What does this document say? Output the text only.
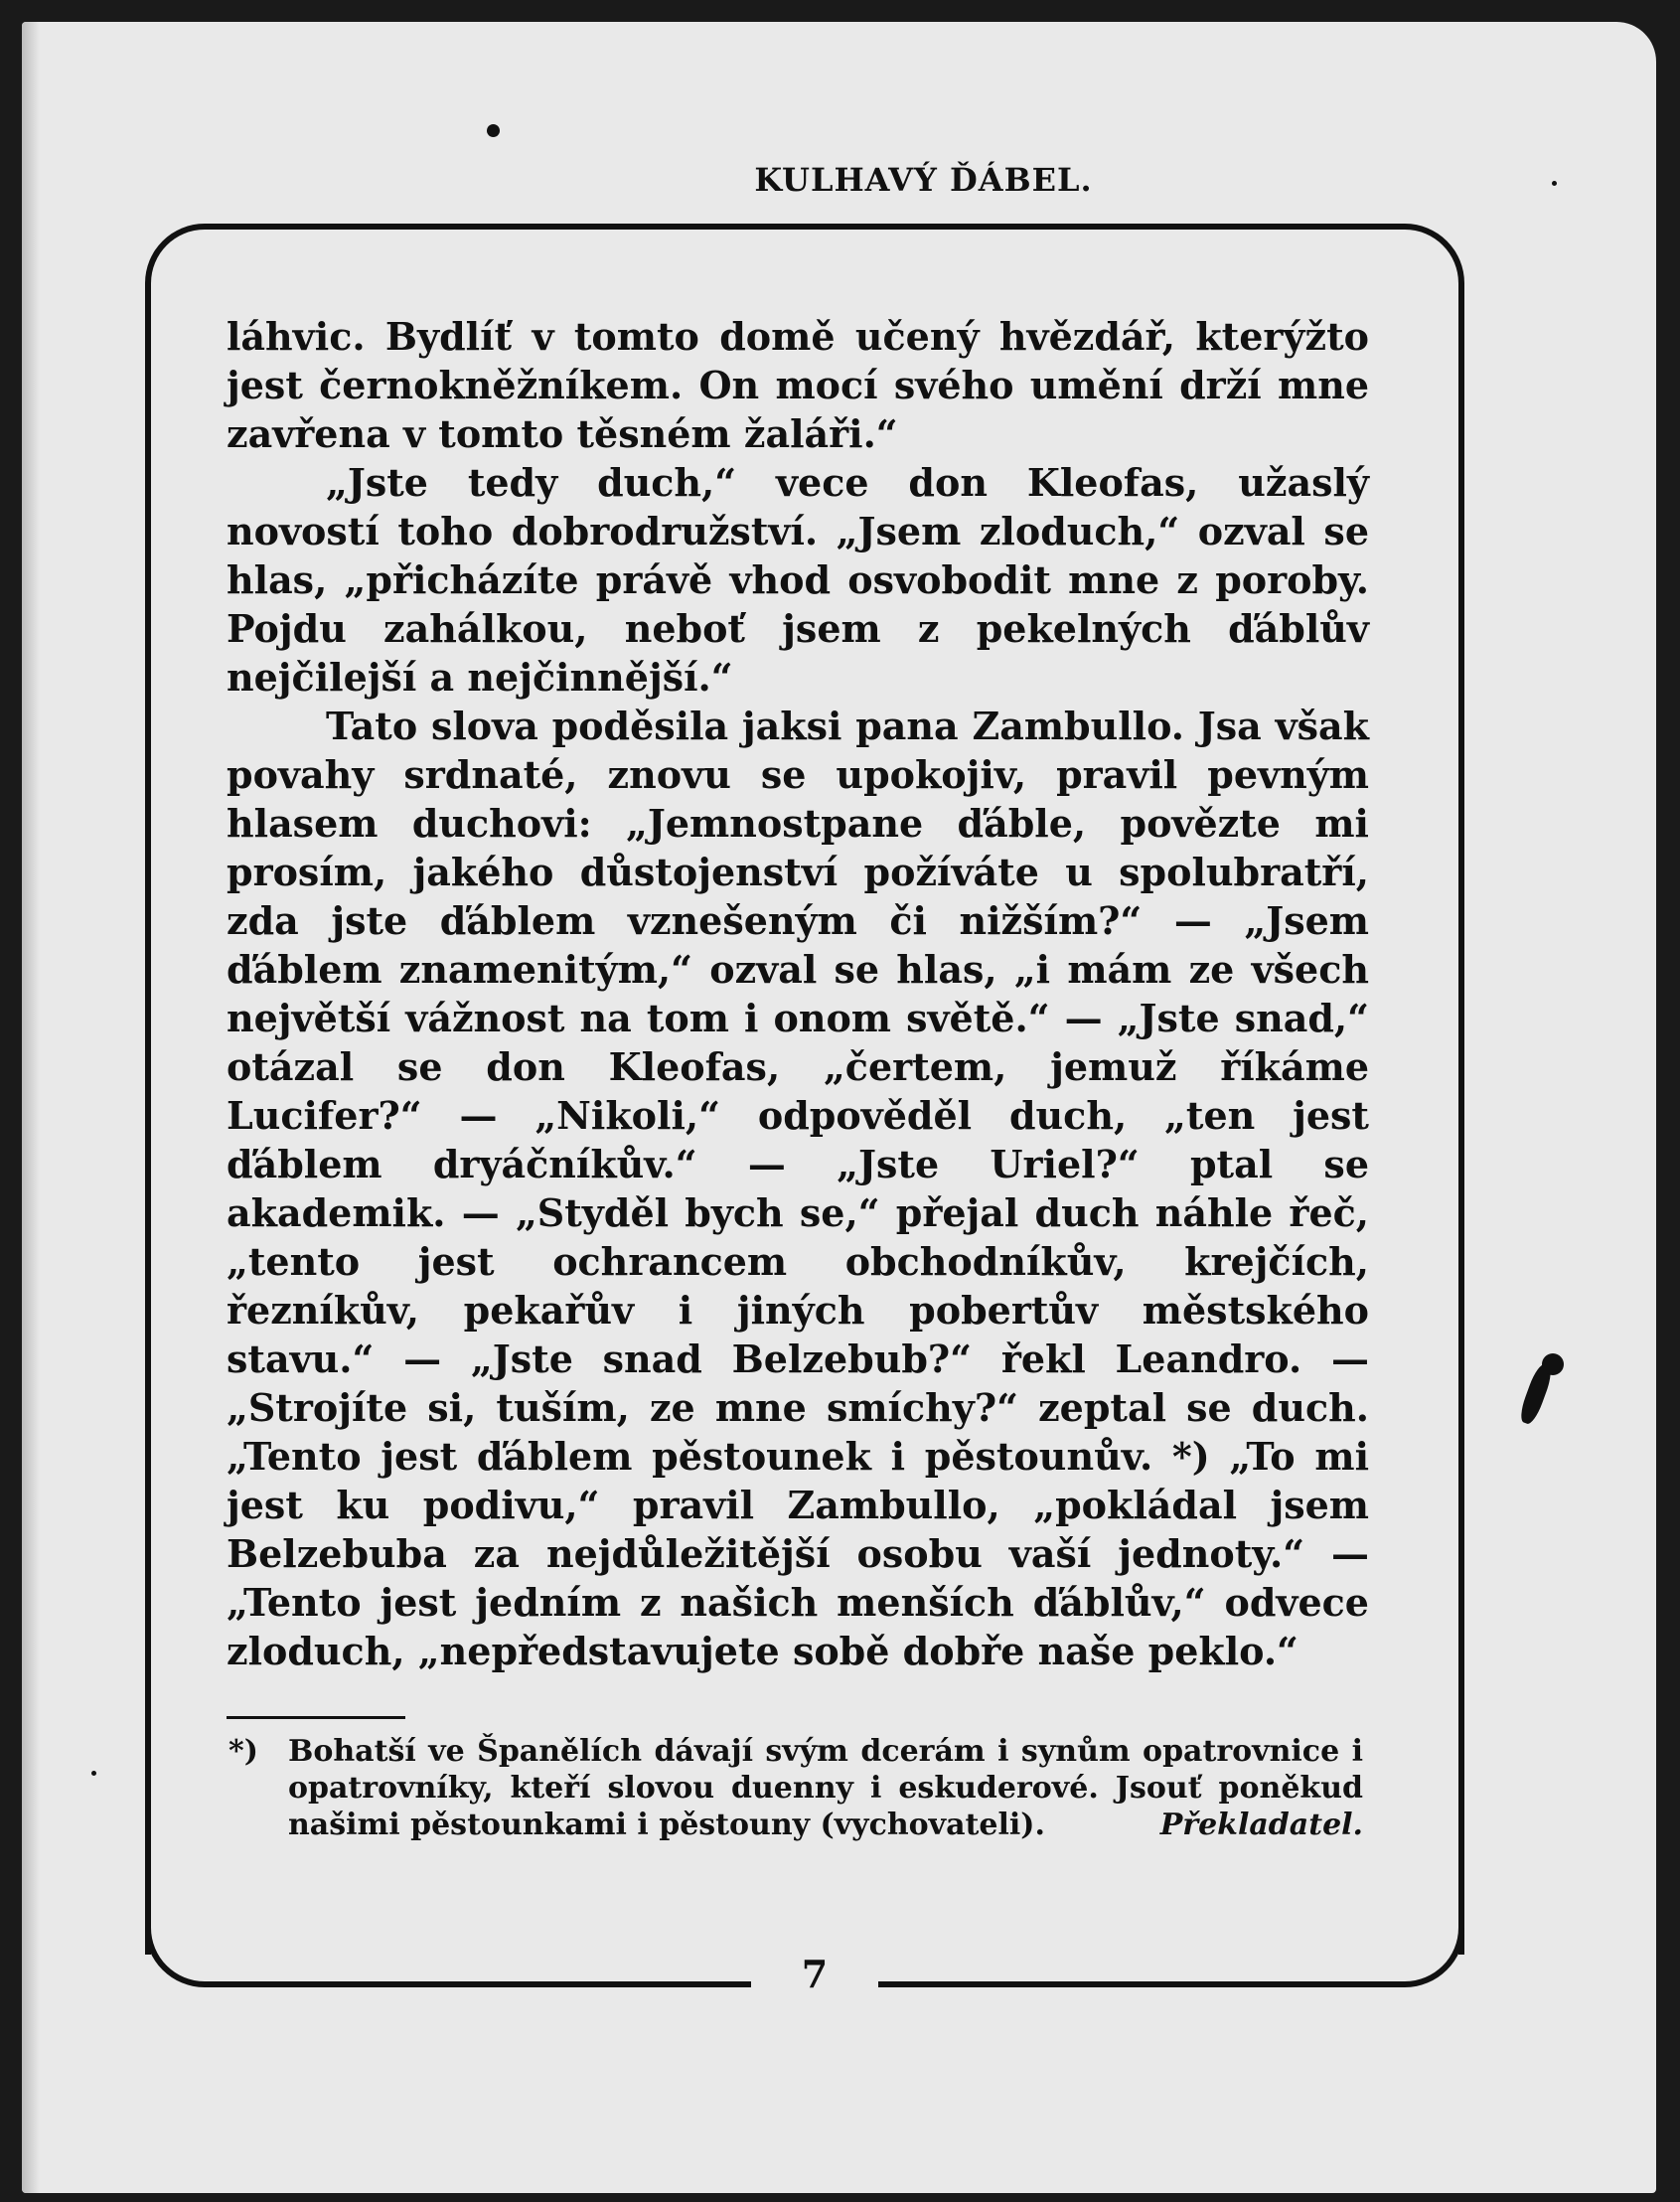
KULHAVÝ ĎÁBEL.

láhvic. Bydlíť v tomto domě učený hvězdář, kterýžto jest černokněžníkem. On mocí svého umění drží mne zavřena v tomto těsném žaláři.“

„Jste tedy duch,“ vece don Kleofas, užaslý novostí toho dobrodružství. „Jsem zloduch,“ ozval se hlas, „přicházíte právě vhod osvobodit mne z poroby. Pojdu zahálkou, neboť jsem z pekelných ďáblův nejčilejší a nejčinnější.“

Tato slova poděsila jaksi pana Zambullo. Jsa však povahy srdnaté, znovu se upokojiv, pravil pevným hlasem duchovi: „Jemnostpane ďáble, povězte mi prosím, jakého důstojenství požíváte u spolubratří, zda jste ďáblem vznešeným či nižším?“ — „Jsem ďáblem znamenitým,“ ozval se hlas, „i mám ze všech největší vážnost na tom i onom světě.“ — „Jste snad,“ otázal se don Kleofas, „čertem, jemuž říkáme Lucifer?“ — „Nikoli,“ odpověděl duch, „ten jest ďáblem dryáčníkův.“ — „Jste Uriel?“ ptal se akademik. — „Styděl bych se,“ přejal duch náhle řeč, „tento jest ochrancem obchodníkův, krejčích, řezníkův, pekařův i jiných pobertův městského stavu.“ — „Jste snad Belzebub?“ řekl Leandro. — „Strojíte si, tuším, ze mne smíchy?“ zeptal se duch. „Tento jest ďáblem pěstounek i pěstounův. *) „To mi jest ku podivu,“ pravil Zambullo, „pokládal jsem Belzebuba za nejdůležitější osobu vaší jednoty.“ — „Tento jest jedním z našich menších ďáblův,“ odvece zloduch, „nepředstavujete sobě dobře naše peklo.“

*) Bohatší ve Španělích dávají svým dcerám i synům opatrovnice i opatrovníky, kteří slovou duenny i eskuderové. Jsouť poněkud našimi pěstounkami i pěstouny (vychovateli).	Překladatel.
7
